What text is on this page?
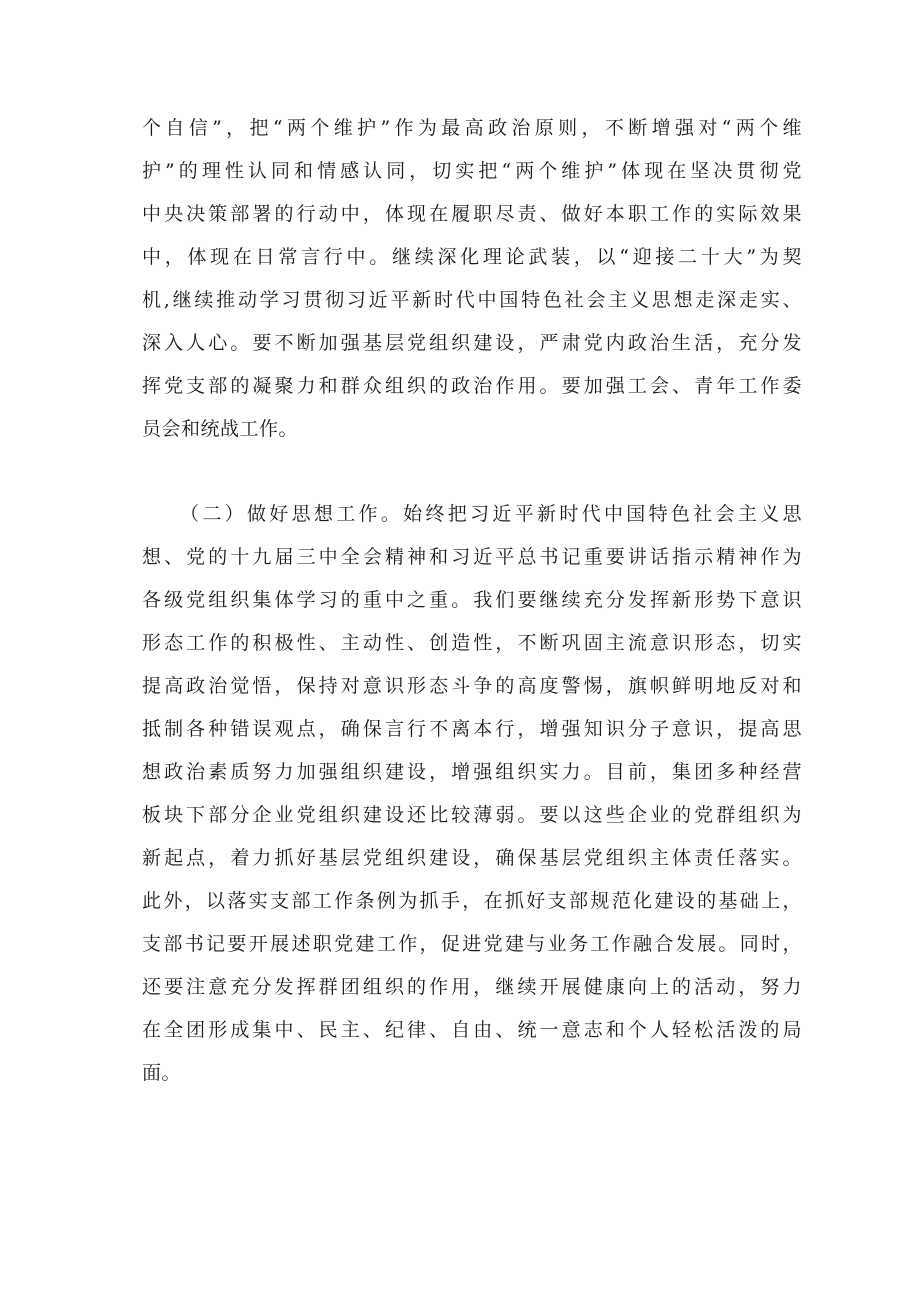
个自信”，把“两个维护”作为最高政治原则，不断增强对“两个维
护”的理性认同和情感认同，切实把“两个维护”体现在坚决贯彻党
中央决策部署的行动中，体现在履职尽责、做好本职工作的实际效果
中，体现在日常言行中。继续深化理论武装，以“迎接二十大”为契
机,继续推动学习贯彻习近平新时代中国特色社会主义思想走深走实、
深入人心。要不断加强基层党组织建设，严肃党内政治生活，充分发
挥党支部的凝聚力和群众组织的政治作用。要加强工会、青年工作委
员会和统战工作。
（二）做好思想工作。始终把习近平新时代中国特色社会主义思
想、党的十九届三中全会精神和习近平总书记重要讲话指示精神作为
各级党组织集体学习的重中之重。我们要继续充分发挥新形势下意识
形态工作的积极性、主动性、创造性，不断巩固主流意识形态，切实
提高政治觉悟，保持对意识形态斗争的高度警惕，旗帜鲜明地反对和
抵制各种错误观点，确保言行不离本行，增强知识分子意识，提高思
想政治素质努力加强组织建设，增强组织实力。目前，集团多种经营
板块下部分企业党组织建设还比较薄弱。要以这些企业的党群组织为
新起点，着力抓好基层党组织建设，确保基层党组织主体责任落实。
此外，以落实支部工作条例为抓手，在抓好支部规范化建设的基础上，
支部书记要开展述职党建工作，促进党建与业务工作融合发展。同时，
还要注意充分发挥群团组织的作用，继续开展健康向上的活动，努力
在全团形成集中、民主、纪律、自由、统一意志和个人轻松活泼的局
面。
